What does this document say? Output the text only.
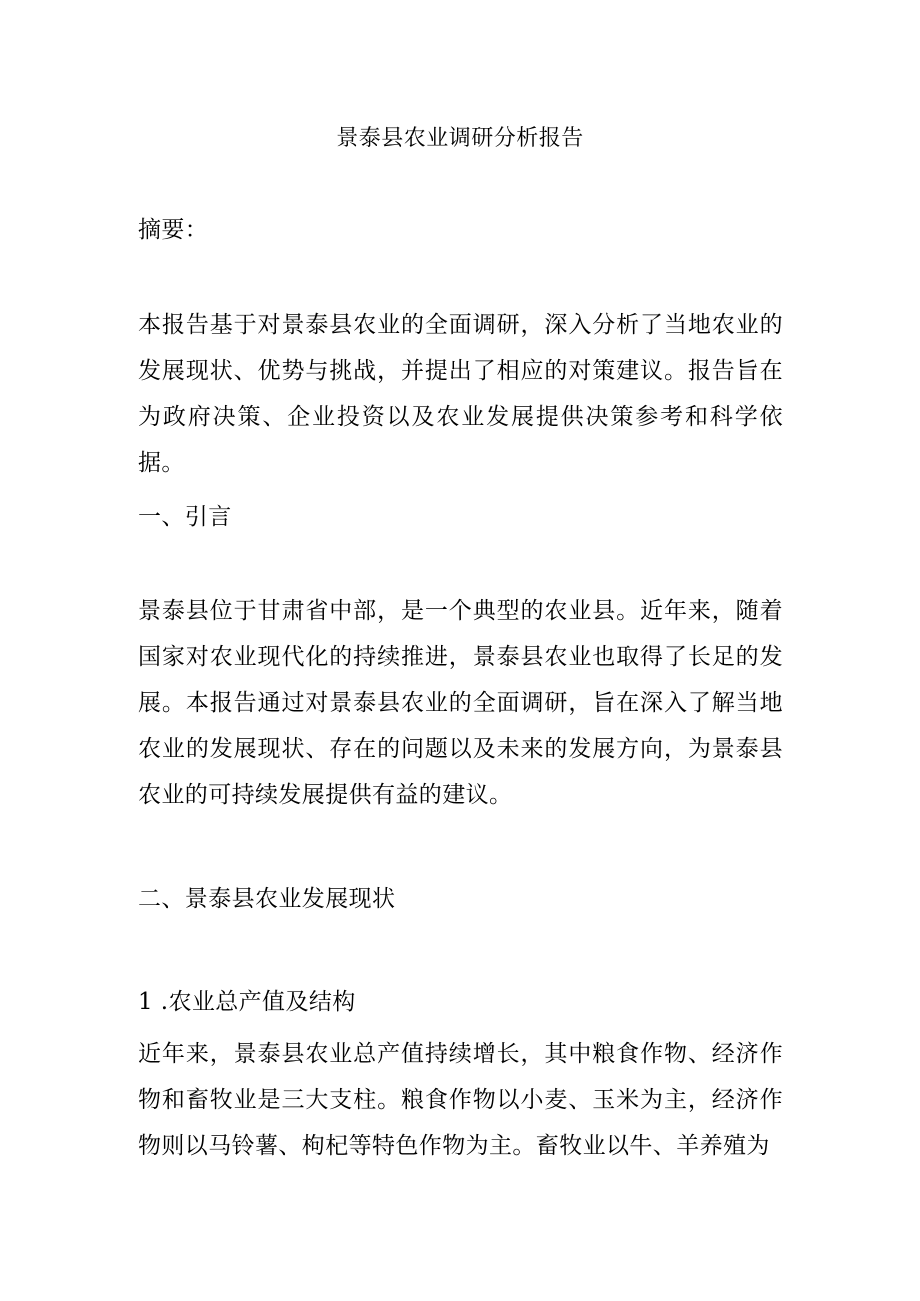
景泰县农业调研分析报告
摘要：
本报告基于对景泰县农业的全面调研，深入分析了当地农业的发展现状、优势与挑战，并提出了相应的对策建议。报告旨在为政府决策、企业投资以及农业发展提供决策参考和科学依据。
一、引言
景泰县位于甘肃省中部，是一个典型的农业县。近年来，随着国家对农业现代化的持续推进，景泰县农业也取得了长足的发展。本报告通过对景泰县农业的全面调研，旨在深入了解当地农业的发展现状、存在的问题以及未来的发展方向，为景泰县农业的可持续发展提供有益的建议。
二、景泰县农业发展现状
1 .农业总产值及结构
近年来，景泰县农业总产值持续增长，其中粮食作物、经济作物和畜牧业是三大支柱。粮食作物以小麦、玉米为主，经济作物则以马铃薯、枸杞等特色作物为主。畜牧业以牛、羊养殖为
